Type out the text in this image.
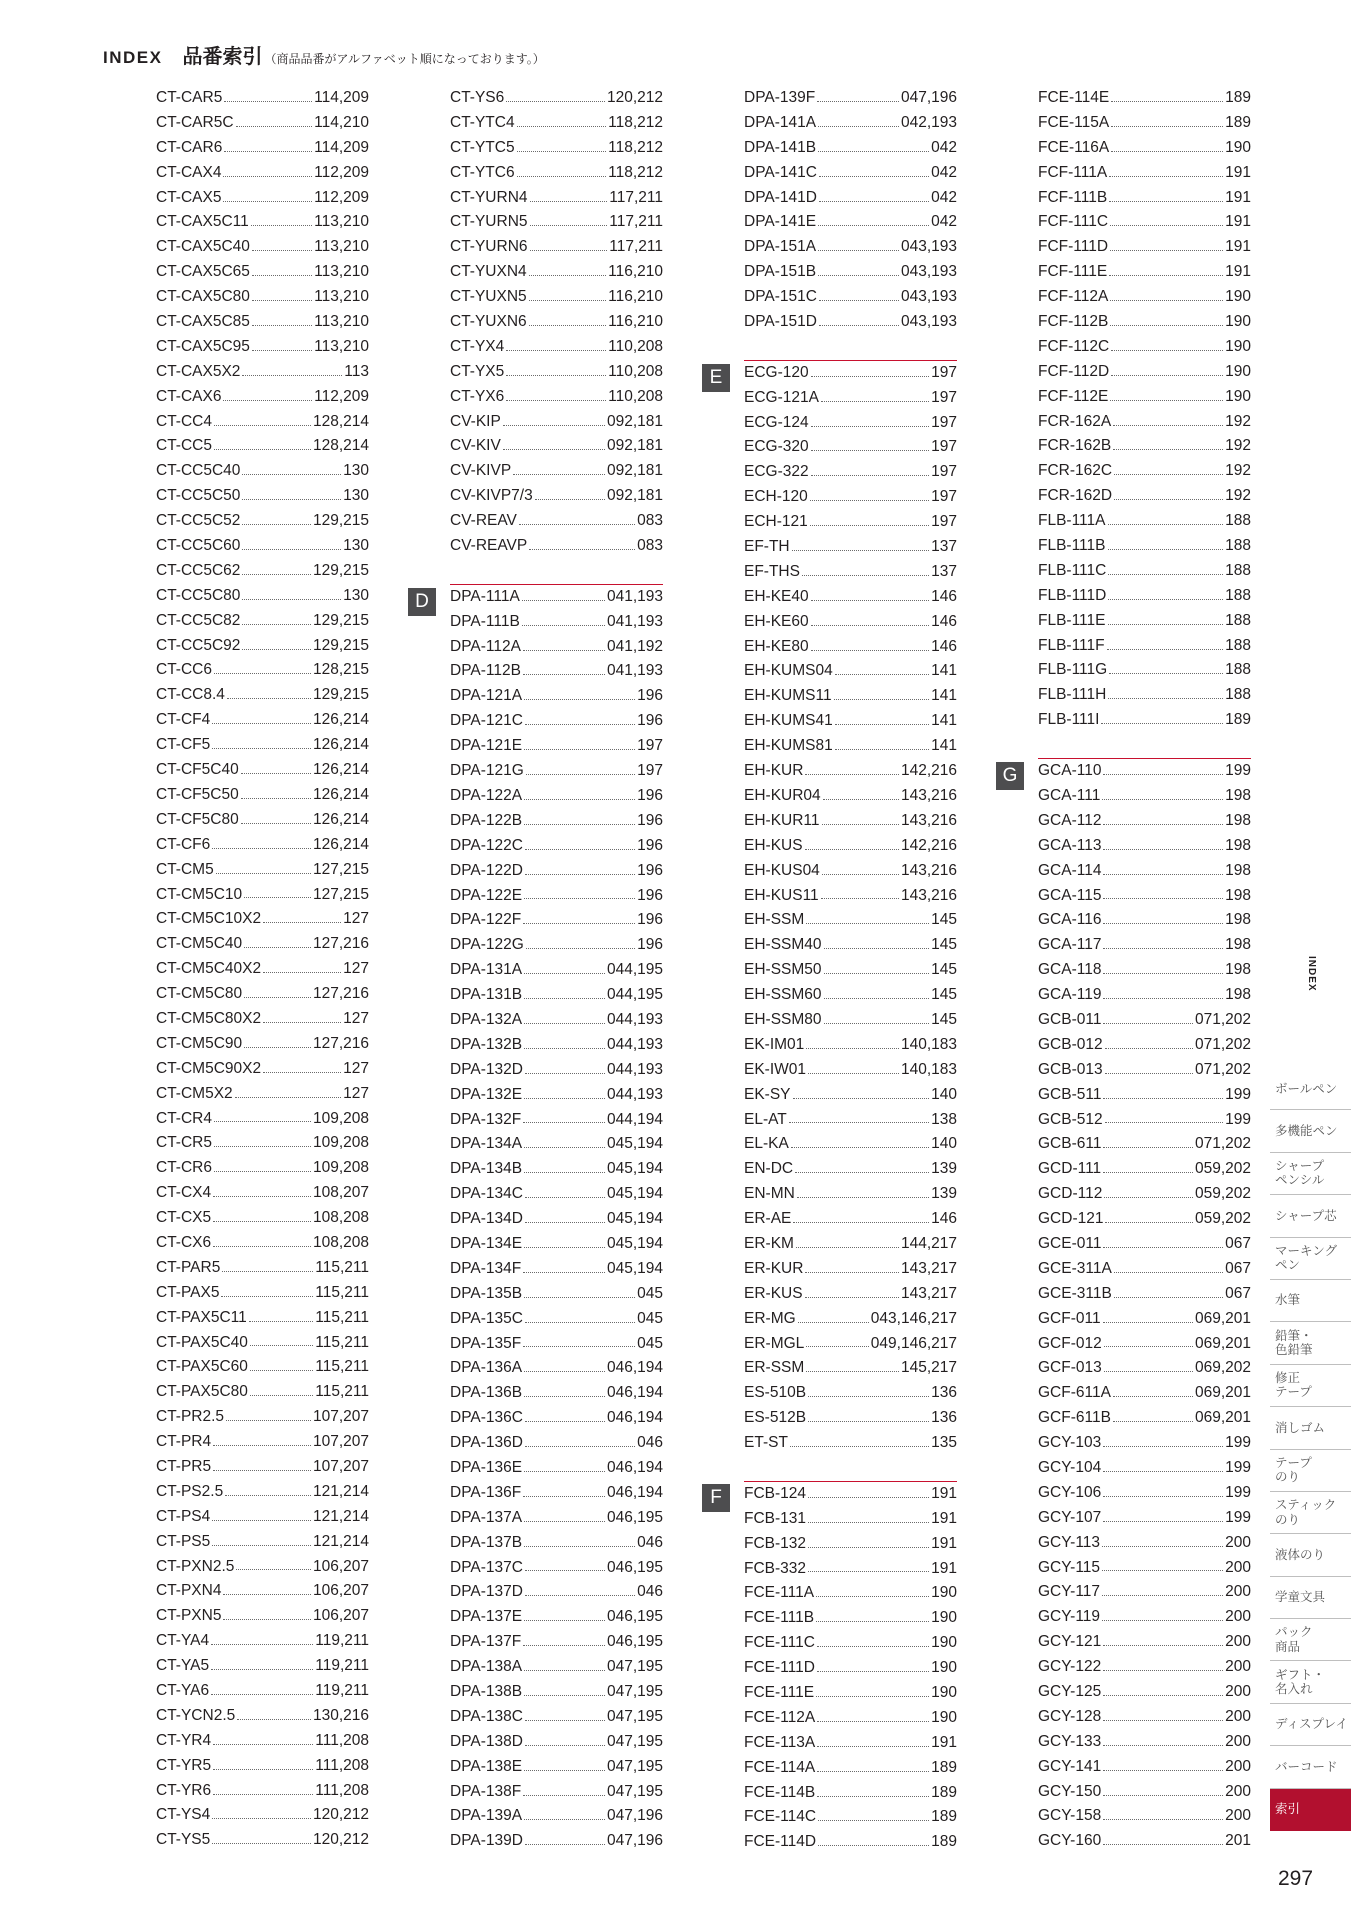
INDEX 品番索引 （商品品番がアルファベット順になっております。）
CT-CAR5	114,209
CT-CAR5C	114,210
CT-CAR6	114,209
CT-CAX4	112,209
CT-CAX5	112,209
CT-CAX5C11	113,210
CT-CAX5C40	113,210
CT-CAX5C65	113,210
CT-CAX5C80	113,210
CT-CAX5C85	113,210
CT-CAX5C95	113,210
CT-CAX5X2	113
CT-CAX6	112,209
CT-CC4	128,214
CT-CC5	128,214
CT-CC5C40	130
CT-CC5C50	130
CT-CC5C52	129,215
CT-CC5C60	130
CT-CC5C62	129,215
CT-CC5C80	130
CT-CC5C82	129,215
CT-CC5C92	129,215
CT-CC6	128,215
CT-CC8.4	129,215
CT-CF4	126,214
CT-CF5	126,214
CT-CF5C40	126,214
CT-CF5C50	126,214
CT-CF5C80	126,214
CT-CF6	126,214
CT-CM5	127,215
CT-CM5C10	127,215
CT-CM5C10X2	127
CT-CM5C40	127,216
CT-CM5C40X2	127
CT-CM5C80	127,216
CT-CM5C80X2	127
CT-CM5C90	127,216
CT-CM5C90X2	127
CT-CM5X2	127
CT-CR4	109,208
CT-CR5	109,208
CT-CR6	109,208
CT-CX4	108,207
CT-CX5	108,208
CT-CX6	108,208
CT-PAR5	115,211
CT-PAX5	115,211
CT-PAX5C11	115,211
CT-PAX5C40	115,211
CT-PAX5C60	115,211
CT-PAX5C80	115,211
CT-PR2.5	107,207
CT-PR4	107,207
CT-PR5	107,207
CT-PS2.5	121,214
CT-PS4	121,214
CT-PS5	121,214
CT-PXN2.5	106,207
CT-PXN4	106,207
CT-PXN5	106,207
CT-YA4	119,211
CT-YA5	119,211
CT-YA6	119,211
CT-YCN2.5	130,216
CT-YR4	111,208
CT-YR5	111,208
CT-YR6	111,208
CT-YS4	120,212
CT-YS5	120,212
CT-YS6	120,212
CT-YTC4	118,212
CT-YTC5	118,212
CT-YTC6	118,212
CT-YURN4	117,211
CT-YURN5	117,211
CT-YURN6	117,211
CT-YUXN4	116,210
CT-YUXN5	116,210
CT-YUXN6	116,210
CT-YX4	110,208
CT-YX5	110,208
CT-YX6	110,208
CV-KIP	092,181
CV-KIV	092,181
CV-KIVP	092,181
CV-KIVP7/3	092,181
CV-REAV	083
CV-REAVP	083
DPA-111A	041,193
DPA-111B	041,193
DPA-112A	041,192
DPA-112B	041,193
DPA-121A	196
DPA-121C	196
DPA-121E	197
DPA-121G	197
DPA-122A	196
DPA-122B	196
DPA-122C	196
DPA-122D	196
DPA-122E	196
DPA-122F	196
DPA-122G	196
DPA-131A	044,195
DPA-131B	044,195
DPA-132A	044,193
DPA-132B	044,193
DPA-132D	044,193
DPA-132E	044,193
DPA-132F	044,194
DPA-134A	045,194
DPA-134B	045,194
DPA-134C	045,194
DPA-134D	045,194
DPA-134E	045,194
DPA-134F	045,194
DPA-135B	045
DPA-135C	045
DPA-135F	045
DPA-136A	046,194
DPA-136B	046,194
DPA-136C	046,194
DPA-136D	046
DPA-136E	046,194
DPA-136F	046,194
DPA-137A	046,195
DPA-137B	046
DPA-137C	046,195
DPA-137D	046
DPA-137E	046,195
DPA-137F	046,195
DPA-138A	047,195
DPA-138B	047,195
DPA-138C	047,195
DPA-138D	047,195
DPA-138E	047,195
DPA-138F	047,195
DPA-139A	047,196
DPA-139D	047,196
DPA-139F	047,196
DPA-141A	042,193
DPA-141B	042
DPA-141C	042
DPA-141D	042
DPA-141E	042
DPA-151A	043,193
DPA-151B	043,193
DPA-151C	043,193
DPA-151D	043,193
ECG-120	197
ECG-121A	197
ECG-124	197
ECG-320	197
ECG-322	197
ECH-120	197
ECH-121	197
EF-TH	137
EF-THS	137
EH-KE40	146
EH-KE60	146
EH-KE80	146
EH-KUMS04	141
EH-KUMS11	141
EH-KUMS41	141
EH-KUMS81	141
EH-KUR	142,216
EH-KUR04	143,216
EH-KUR11	143,216
EH-KUS	142,216
EH-KUS04	143,216
EH-KUS11	143,216
EH-SSM	145
EH-SSM40	145
EH-SSM50	145
EH-SSM60	145
EH-SSM80	145
EK-IM01	140,183
EK-IW01	140,183
EK-SY	140
EL-AT	138
EL-KA	140
EN-DC	139
EN-MN	139
ER-AE	146
ER-KM	144,217
ER-KUR	143,217
ER-KUS	143,217
ER-MG	043,146,217
ER-MGL	049,146,217
ER-SSM	145,217
ES-510B	136
ES-512B	136
ET-ST	135
FCB-124	191
FCB-131	191
FCB-132	191
FCB-332	191
FCE-111A	190
FCE-111B	190
FCE-111C	190
FCE-111D	190
FCE-111E	190
FCE-112A	190
FCE-113A	191
FCE-114A	189
FCE-114B	189
FCE-114C	189
FCE-114D	189
FCE-114E	189
FCE-115A	189
FCE-116A	190
FCF-111A	191
FCF-111B	191
FCF-111C	191
FCF-111D	191
FCF-111E	191
FCF-112A	190
FCF-112B	190
FCF-112C	190
FCF-112D	190
FCF-112E	190
FCR-162A	192
FCR-162B	192
FCR-162C	192
FCR-162D	192
FLB-111A	188
FLB-111B	188
FLB-111C	188
FLB-111D	188
FLB-111E	188
FLB-111F	188
FLB-111G	188
FLB-111H	188
FLB-111I	189
GCA-110	199
GCA-111	198
GCA-112	198
GCA-113	198
GCA-114	198
GCA-115	198
GCA-116	198
GCA-117	198
GCA-118	198
GCA-119	198
GCB-011	071,202
GCB-012	071,202
GCB-013	071,202
GCB-511	199
GCB-512	199
GCB-611	071,202
GCD-111	059,202
GCD-112	059,202
GCD-121	059,202
GCE-011	067
GCE-311A	067
GCE-311B	067
GCF-011	069,201
GCF-012	069,201
GCF-013	069,202
GCF-611A	069,201
GCF-611B	069,201
GCY-103	199
GCY-104	199
GCY-106	199
GCY-107	199
GCY-113	200
GCY-115	200
GCY-117	200
GCY-119	200
GCY-121	200
GCY-122	200
GCY-125	200
GCY-128	200
GCY-133	200
GCY-141	200
GCY-150	200
GCY-158	200
GCY-160	201
INDEX
ボールペン
多機能ペン
シャープ
ペンシル
シャープ芯
マーキング
ペン
水筆
鉛筆・
色鉛筆
修正
テープ
消しゴム
テープ
のり
スティック
のり
液体のり
学童文具
パック
商品
ギフト・
名入れ
ディスプレイ
バーコード
索引
297
D
E
F
G
